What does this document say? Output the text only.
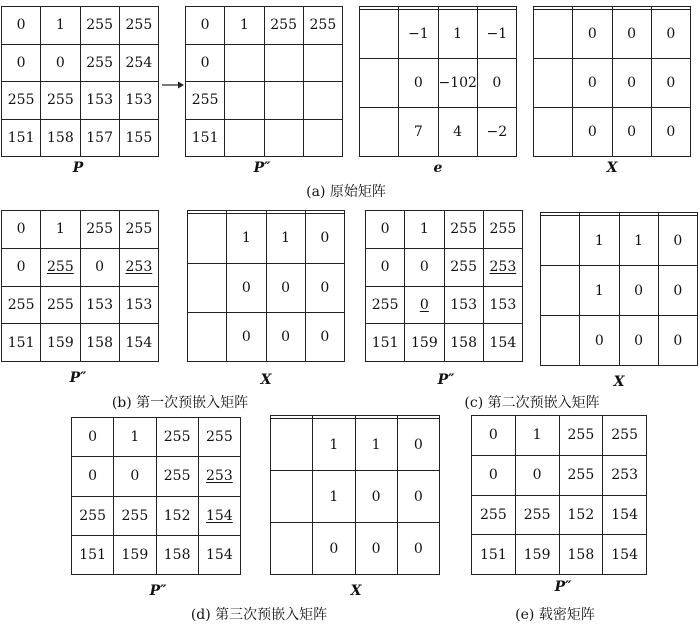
0	1	255	255
0	0	255	254
255	255	153	153
151	158	157	155
0	1	255	255
0			
255			
151			

	−1	1	−1
	0	−102	0
	7	4	−2

	0	0	0
	0	0	0
	0	0	0
P	P″	e	X
(a) 原始矩阵
0	1	255	255
0	255	0	253
255	255	153	153
151	159	158	154

	1	1	0
	0	0	0
	0	0	0
0	1	255	255
0	0	255	253
255	0	153	153
151	159	158	154

	1	1	0
	1	0	0
	0	0	0
P″	X	P″	X
(b) 第一次预嵌入矩阵	(c) 第二次预嵌入矩阵
0	1	255	255
0	0	255	253
255	255	152	154
151	159	158	154

	1	1	0
	1	0	0
	0	0	0
0	1	255	255
0	0	255	253
255	255	152	154
151	159	158	154
P″	X	P″
(d) 第三次预嵌入矩阵	(e) 载密矩阵
